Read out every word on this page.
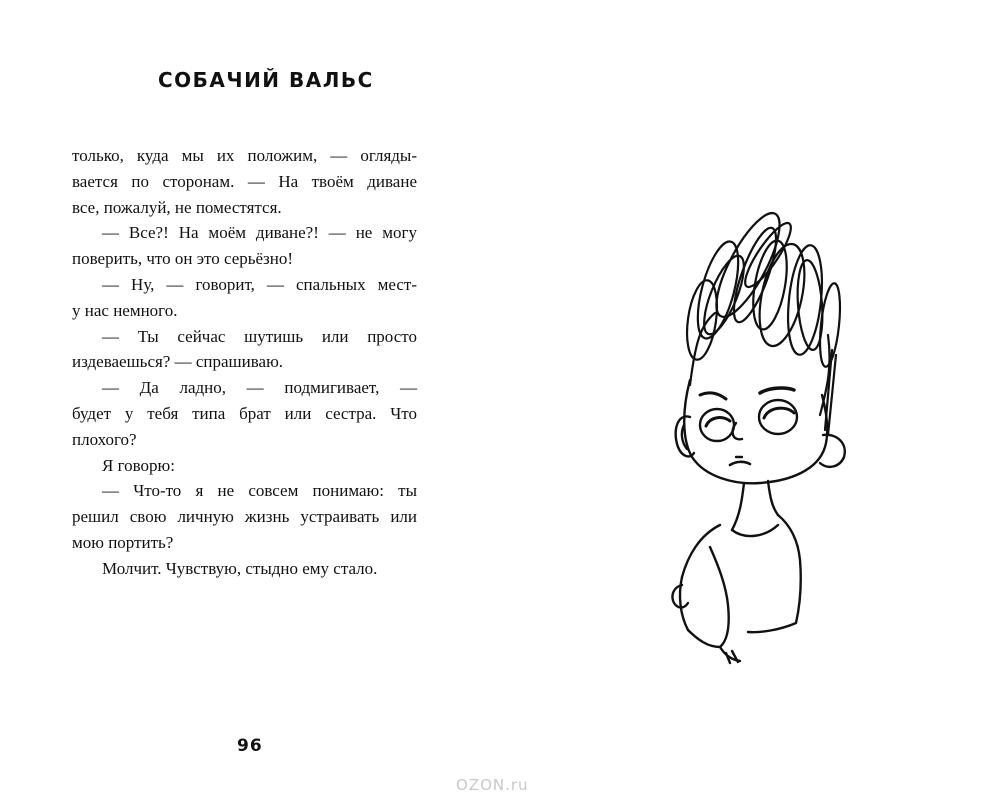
СОБАЧИЙ ВАЛЬС
только, куда мы их положим, — огляды-
вается по сторонам. — На твоём диване
все, пожалуй, не поместятся.
— Все?! На моём диване?! — не могу
поверить, что он это серьёзно!
— Ну, — говорит, — спальных мест-
у нас немного.
— Ты сейчас шутишь или просто
издеваешься? — спрашиваю.
— Да ладно, — подмигивает, —
будет у тебя типа брат или сестра. Что
плохого?
Я говорю:
— Что-то я не совсем понимаю: ты
решил свою личную жизнь устраивать или
мою портить?
Молчит. Чувствую, стыдно ему стало.
96
OZON.ru
